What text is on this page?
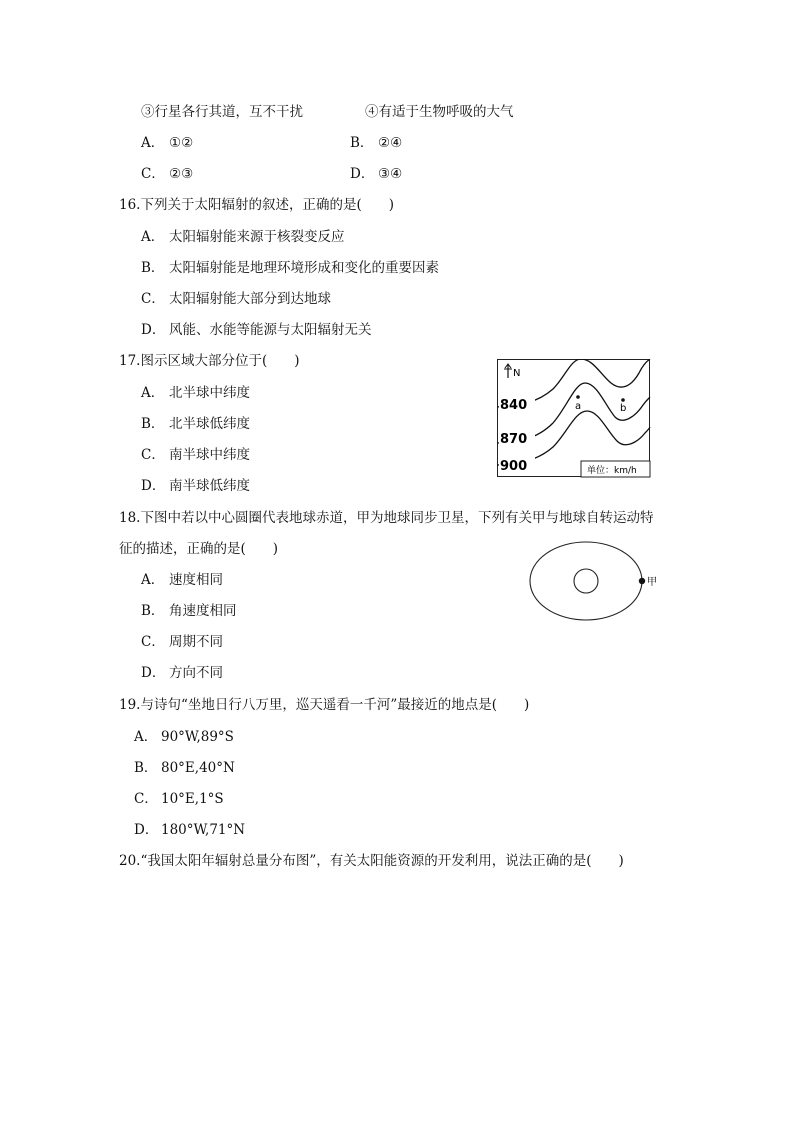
③行星各行其道，互不干扰	④有适于生物呼吸的大气
A． ①②	B． ②④
C． ②③	D． ③④
16.下列关于太阳辐射的叙述，正确的是(　　)
A． 太阳辐射能来源于核裂变反应
B． 太阳辐射能是地理环境形成和变化的重要因素
C． 太阳辐射能大部分到达地球
D． 风能、水能等能源与太阳辐射无关
17.图示区域大部分位于(　　)
A． 北半球中纬度
B． 北半球低纬度
C． 南半球中纬度
D． 南半球低纬度
N
840
870
900
a	b
单位：km/h
18.下图中若以中心圆圈代表地球赤道，甲为地球同步卫星，下列有关甲与地球自转运动特
征的描述，正确的是(　　)
A． 速度相同
B． 角速度相同
C． 周期不同
D． 方向不同
甲
19.与诗句“坐地日行八万里，巡天遥看一千河”最接近的地点是(　　)
A． 90°W,89°S
B． 80°E,40°N
C． 10°E,1°S
D． 180°W,71°N
20.“我国太阳年辐射总量分布图”，有关太阳能资源的开发利用，说法正确的是(　　)
